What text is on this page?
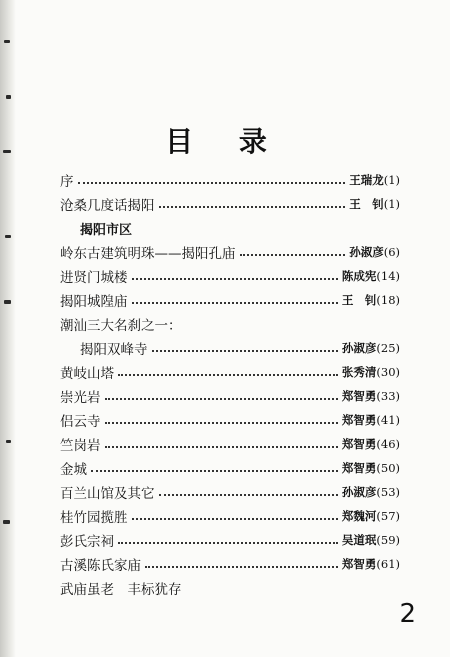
目 录
序	王瑞龙 (1)
沧桑几度话揭阳	王　钊 (1)
揭阳市区
岭东古建筑明珠——揭阳孔庙	孙淑彦 (6)
进贤门城楼	陈成宪 (14)
揭阳城隍庙	王　钊 (18)
潮汕三大名刹之一：
揭阳双峰寺	孙淑彦 (25)
黄岐山塔	张秀清 (30)
崇光岩	郑智勇 (33)
侣云寺	郑智勇 (41)
竺岗岩	郑智勇 (46)
金城	郑智勇 (50)
百兰山馆及其它	孙淑彦 (53)
桂竹园揽胜	郑魏河 (57)
彭氏宗祠	吴道珉 (59)
古溪陈氏家庙	郑智勇 (61)
武庙虽老　丰标犹存
2
